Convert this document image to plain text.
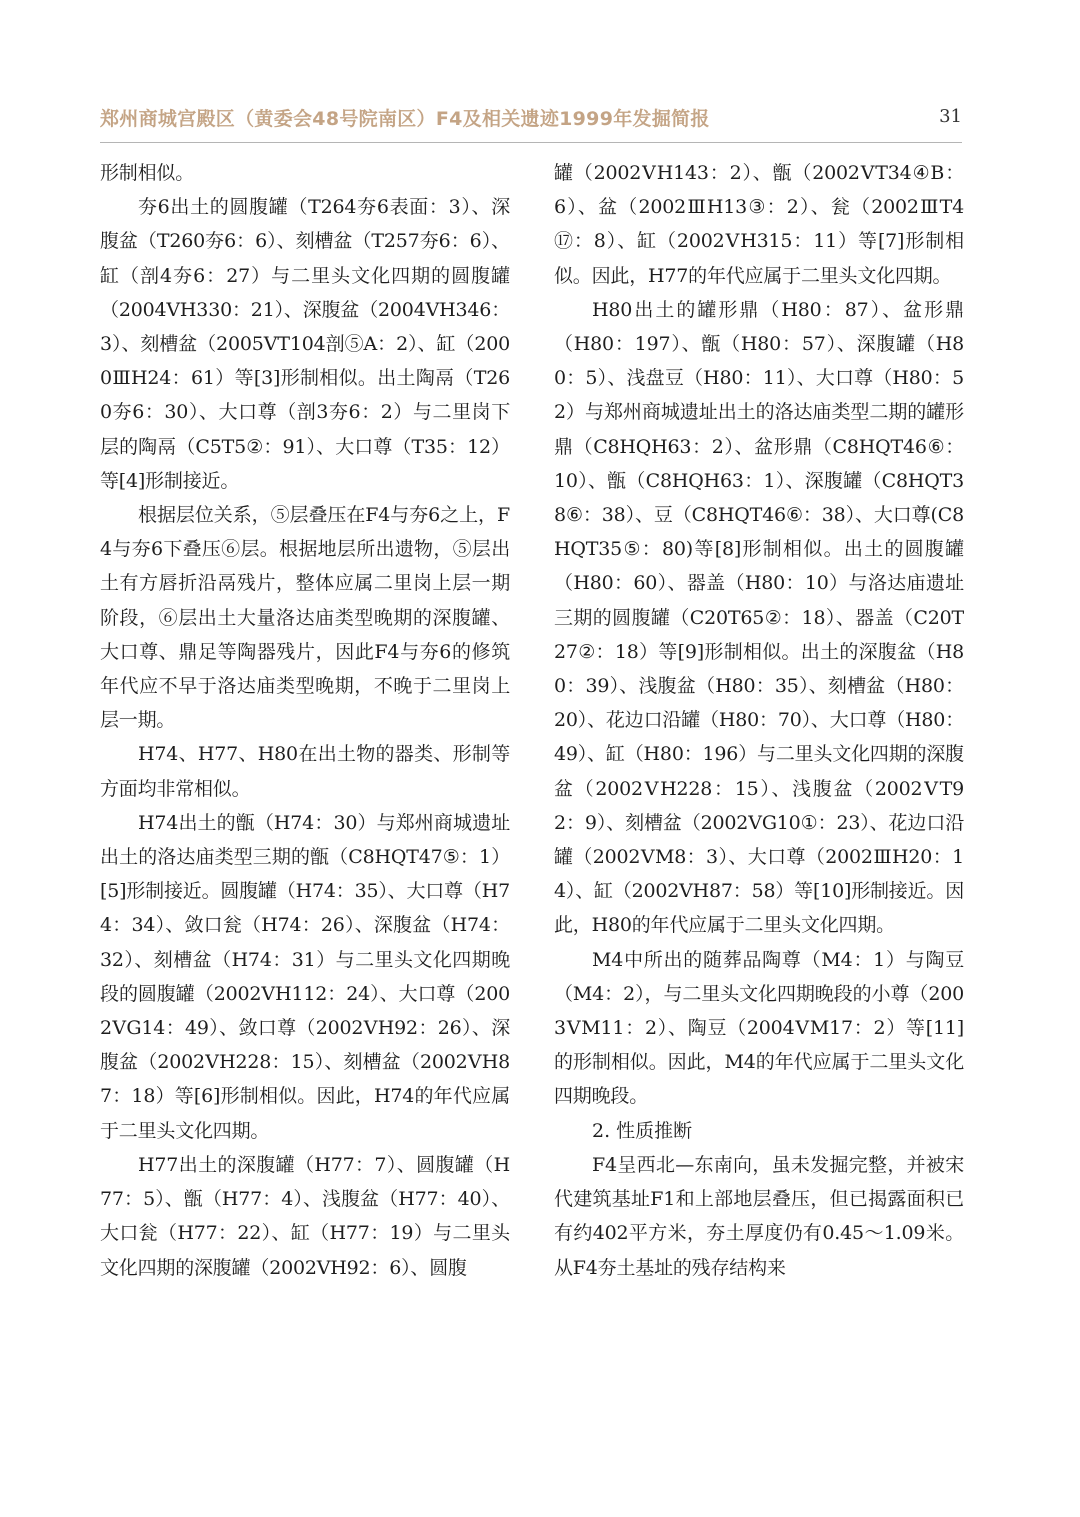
郑州商城宫殿区（黄委会48号院南区）F4及相关遗迹1999年发掘简报	31

形制相似。

夯6出土的圆腹罐（T264夯6表面：3）、深腹盆（T260夯6：6）、刻槽盆（T257夯6：6）、缸（剖4夯6：27）与二里头文化四期的圆腹罐（2004ⅤH330：21）、深腹盆（2004ⅤH346：3）、刻槽盆（2005ⅤT104剖⑤A：2）、缸（2000ⅢH24：61）等[3]形制相似。出土陶鬲（T260夯6：30）、大口尊（剖3夯6：2）与二里岗下层的陶鬲（C5T5②：91）、大口尊（T35：12）等[4]形制接近。

根据层位关系，⑤层叠压在F4与夯6之上，F4与夯6下叠压⑥层。根据地层所出遗物，⑤层出土有方唇折沿鬲残片，整体应属二里岗上层一期阶段，⑥层出土大量洛达庙类型晚期的深腹罐、大口尊、鼎足等陶器残片，因此F4与夯6的修筑年代应不早于洛达庙类型晚期，不晚于二里岗上层一期。

H74、H77、H80在出土物的器类、形制等方面均非常相似。

H74出土的甑（H74：30）与郑州商城遗址出土的洛达庙类型三期的甑（C8HQT47⑤：1）[5]形制接近。圆腹罐（H74：35）、大口尊（H74：34）、敛口瓮（H74：26）、深腹盆（H74：32）、刻槽盆（H74：31）与二里头文化四期晚段的圆腹罐（2002ⅤH112：24）、大口尊（2002ⅤG14：49）、敛口尊（2002ⅤH92：26）、深腹盆（2002ⅤH228：15）、刻槽盆（2002ⅤH87：18）等[6]形制相似。因此，H74的年代应属于二里头文化四期。

H77出土的深腹罐（H77：7）、圆腹罐（H77：5）、甑（H77：4）、浅腹盆（H77：40）、大口瓮（H77：22）、缸（H77：19）与二里头文化四期的深腹罐（2002ⅤH92：6）、圆腹

罐（2002ⅤH143：2）、甑（2002ⅤT34④B：6）、盆（2002ⅢH13③：2）、瓮（2002ⅢT4⑰：8）、缸（2002ⅤH315：11）等[7]形制相似。因此，H77的年代应属于二里头文化四期。

H80出土的罐形鼎（H80：87）、盆形鼎（H80：197）、甑（H80：57）、深腹罐（H80：5）、浅盘豆（H80：11）、大口尊（H80：52）与郑州商城遗址出土的洛达庙类型二期的罐形鼎（C8HQH63：2）、盆形鼎（C8HQT46⑥：10）、甑（C8HQH63：1）、深腹罐（C8HQT38⑥：38）、豆（C8HQT46⑥：38）、大口尊(C8HQT35⑤：80)等[8]形制相似。出土的圆腹罐（H80：60）、器盖（H80：10）与洛达庙遗址三期的圆腹罐（C20T65②：18）、器盖（C20T27②：18）等[9]形制相似。出土的深腹盆（H80：39）、浅腹盆（H80：35）、刻槽盆（H80：20）、花边口沿罐（H80：70）、大口尊（H80：49）、缸（H80：196）与二里头文化四期的深腹盆（2002ⅤH228：15）、浅腹盆（2002ⅤT92：9）、刻槽盆（2002ⅤG10①：23）、花边口沿罐（2002ⅤM8：3）、大口尊（2002ⅢH20：14）、缸（2002ⅤH87：58）等[10]形制接近。因此，H80的年代应属于二里头文化四期。

M4中所出的随葬品陶尊（M4：1）与陶豆（M4：2），与二里头文化四期晚段的小尊（2003ⅤM11：2）、陶豆（2004ⅤM17：2）等[11]的形制相似。因此，M4的年代应属于二里头文化四期晚段。

2. 性质推断

F4呈西北—东南向，虽未发掘完整，并被宋代建筑基址F1和上部地层叠压，但已揭露面积已有约402平方米，夯土厚度仍有0.45～1.09米。从F4夯土基址的残存结构来
